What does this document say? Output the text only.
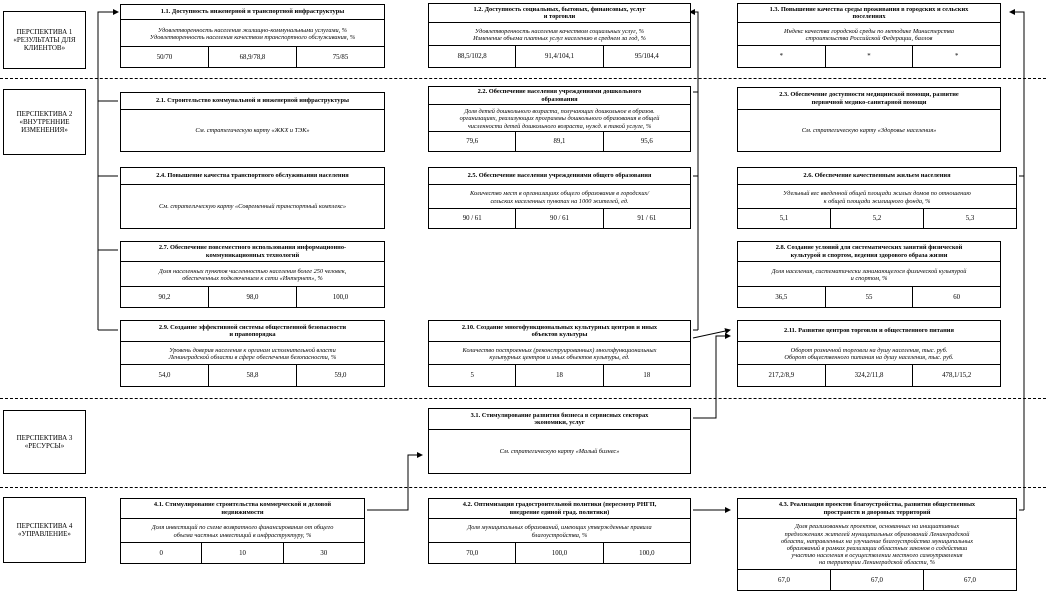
ПЕРСПЕКТИВА 1
«РЕЗУЛЬТАТЫ ДЛЯ
КЛИЕНТОВ»
ПЕРСПЕКТИВА 2
«ВНУТРЕННИЕ
ИЗМЕНЕНИЯ»
ПЕРСПЕКТИВА 3
«РЕСУРСЫ»
ПЕРСПЕКТИВА 4
«УПРАВЛЕНИЕ»
1.1. Доступность инженерной и транспортной инфраструктуры
Удовлетворенность населения жилищно-коммунальными услугами, %
Удовлетворенность населения качеством транспортного обслуживания, %
50/70	68,9/78,8	75/85
1.2. Доступность социальных, бытовых, финансовых, услуг
и торговли
Удовлетворенность населения качеством социальных услуг, %
Изменение объема платных услуг населению в среднем за год, %
88,5/102,8	91,4/104,1	95/104,4
1.3. Повышение качества среды проживания в городских и сельских
поселениях
Индекс качества городской среды по методике Министерства
строительства Российской Федерации, баллов
*	*	*
2.1. Строительство коммунальной и инженерной инфраструктуры
См. стратегическую карту «ЖКХ и ТЭК»
2.2. Обеспечение населения учреждениями дошкольного
образования
Доля детей дошкольного возраста, получающих дошкольное в образов.
организациях, реализующих программы дошкольного образования в общей
численности детей дошкольного возраста, нужд. в такой услуге, %
79,6	89,1	95,6
2.3. Обеспечение доступности медицинской помощи, развитие
первичной медико-санитарной помощи
См. стратегическую карту «Здоровье населения»
2.4. Повышение качества транспортного обслуживания населения
См. стратегическую карту «Современный транспортный комплекс»
2.5. Обеспечение населения учреждениями общего образования
Количество мест в организациях общего образования в городских/
сельских населенных пунктах на 1000 жителей, ед.
90 / 61	90 / 61	91 / 61
2.6. Обеспечение качественным жильем населения
Удельный вес введенной общей площади жилых домов по отношению
к общей площади жилищного фонда, %
5,1	5,2	5,3
2.7. Обеспечение повсеместного использования информационно-
коммуникационных технологий
Доля населенных пунктов численностью населения более 250 человек,
обеспеченных подключением к сети «Интернет», %
90,2	98,0	100,0
2.8. Создание условий для систематических занятий физической
культурой и спортом, ведения здорового образа жизни
Доля населения, систематически занимающегося физической культурой
и спортом, %
36,5	55	60
2.9. Создание эффективной системы общественной безопасности
и правопорядка
Уровень доверия населения к органам исполнительной власти
Ленинградской области в сфере обеспечения безопасности, %
54,0	58,8	59,0
2.10. Создание многофункциональных культурных центров и иных
объектов культуры
Количество построенных (реконструированных) многофункциональных
культурных центров и иных объектов культуры, ед.
5	18	18
2.11. Развитие центров торговли и общественного питания
Оборот розничной торговли на душу населения, тыс. руб.
Оборот общественного питания на душу населения, тыс. руб.
217,2/8,9	324,2/11,8	478,1/15,2
3.1. Стимулирование развития бизнеса в сервисных секторах
экономики, услуг
См. стратегическую карту «Малый бизнес»
4.1. Стимулирование строительства коммерческой и деловой
недвижимости
Доля инвестиций по схеме возвратного финансирования от общего
объема частных инвестиций в инфраструктуру, %
0	10	30
4.2. Оптимизация градостроительной политики (пересмотр РНГП,
внедрение единой град. политики)
Доля муниципальных образований, имеющих утвержденные правила
благоустройства, %
70,0	100,0	100,0
4.3. Реализация проектов благоустройства, развития общественных
пространств и дворовых территорий
Доля реализованных проектов, основанных на инициативных
предложениях жителей муниципальных образований Ленинградской
области, направленных на улучшение благоустройства муниципальных
образований в рамках реализации областных законов о содействии
участию населения в осуществлении местного самоуправления
на территории Ленинградской области, %
67,0	67,0	67,0
